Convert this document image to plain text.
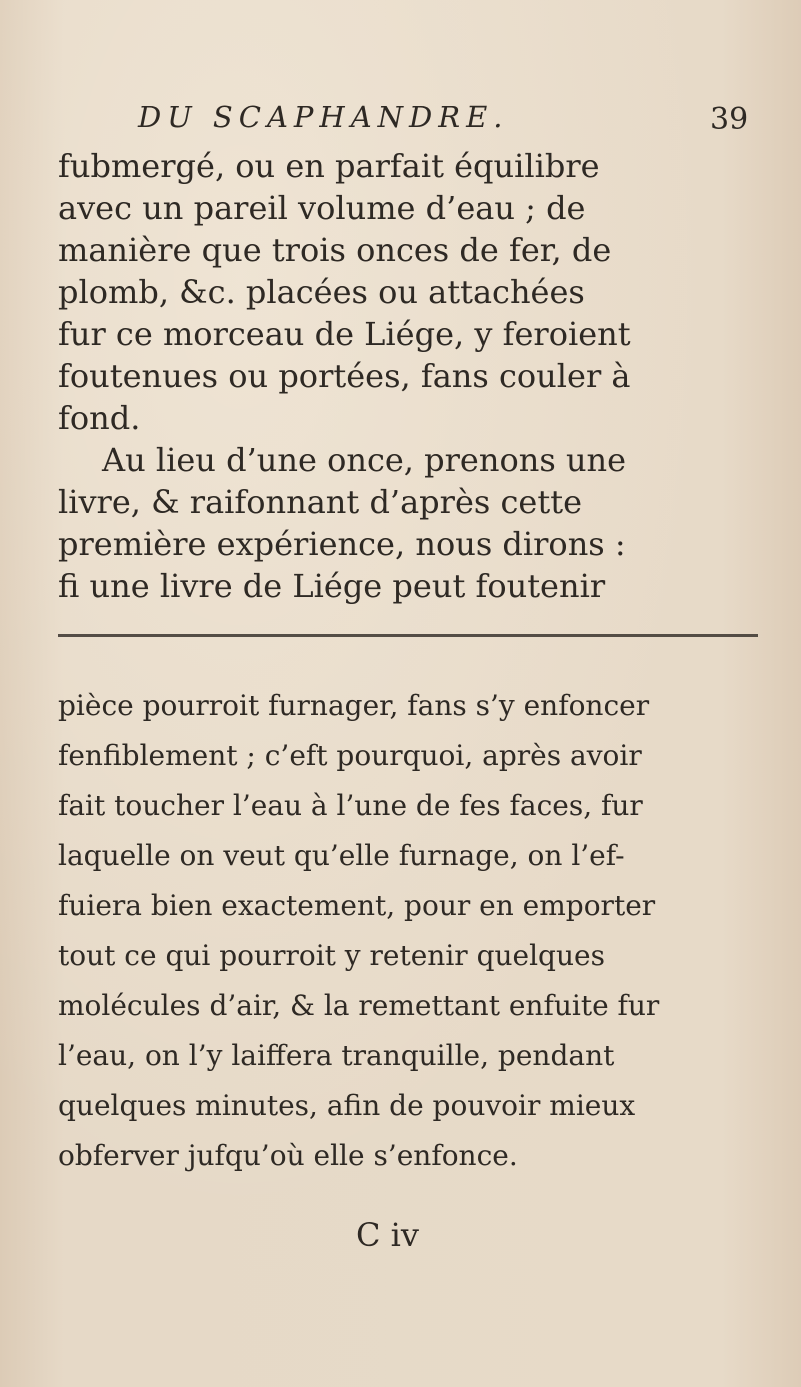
DU SCAPHANDRE.	39
fubmergé, ou en parfait équilibre
avec un pareil volume d’eau ; de
manière que trois onces de fer, de
plomb, &c. placées ou attachées
fur ce morceau de Liége, y feroient
foutenues ou portées, fans couler à
fond.
Au lieu d’une once, prenons une
livre, & raifonnant d’après cette
première expérience, nous dirons :
fi une livre de Liége peut foutenir
pièce pourroit furnager, fans s’y enfoncer
fenfiblement ; c’eft pourquoi, après avoir
fait toucher l’eau à l’une de fes faces, fur
laquelle on veut qu’elle furnage, on l’ef-
fuiera bien exactement, pour en emporter
tout ce qui pourroit y retenir quelques
molécules d’air, & la remettant enfuite fur
l’eau, on l’y laiffera tranquille, pendant
quelques minutes, afin de pouvoir mieux
obferver jufqu’où elle s’enfonce.
C iv
